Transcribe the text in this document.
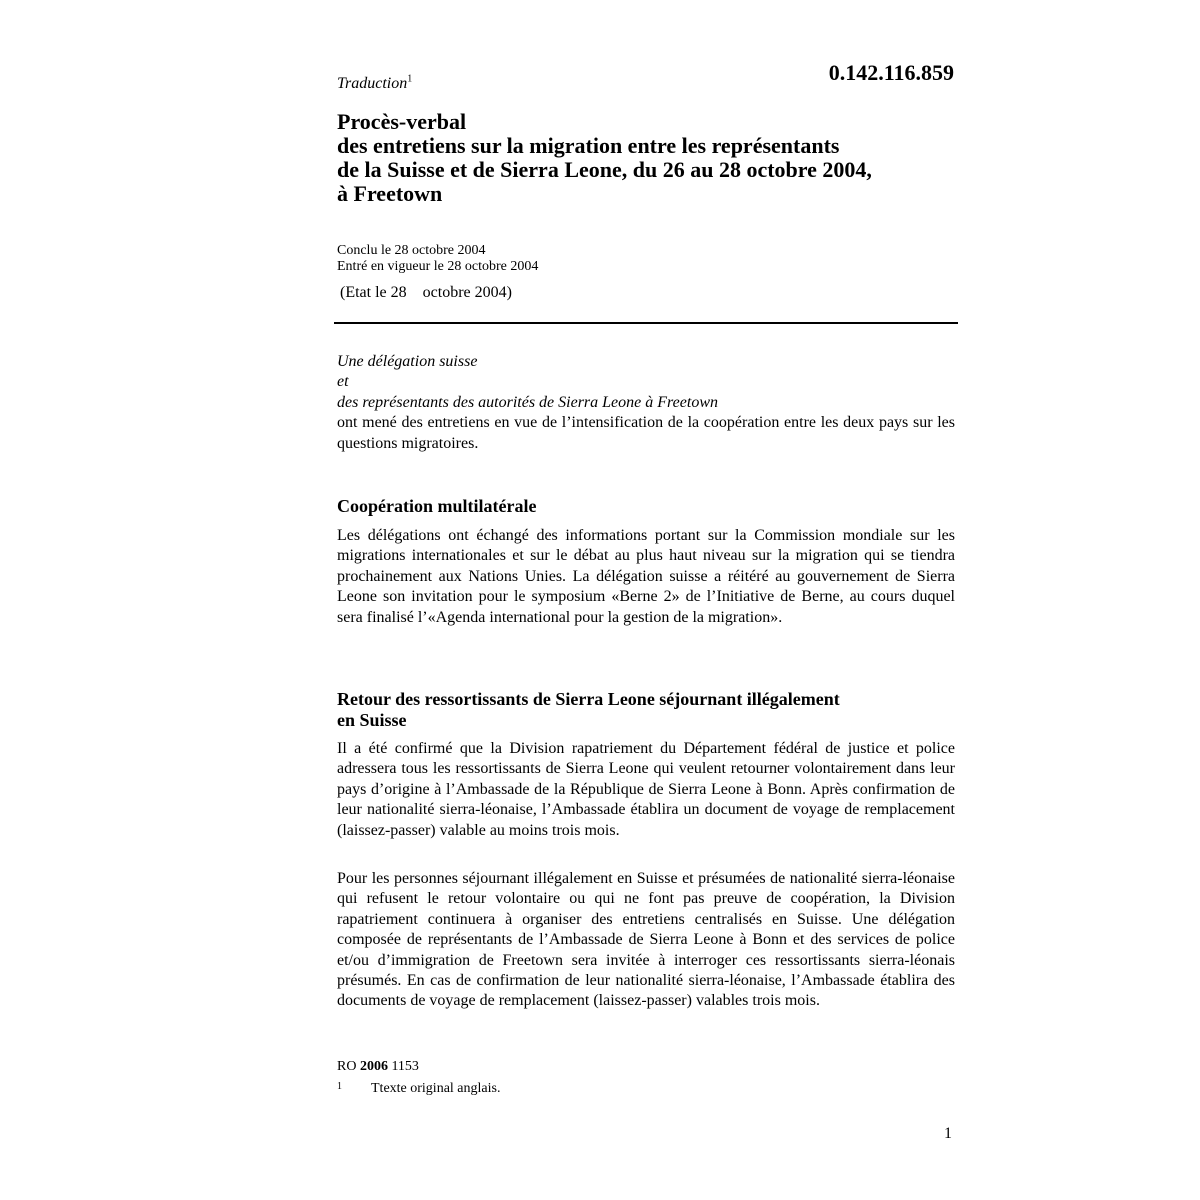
Traduction$^1$	0.142.116.859
Procès-verbal
des entretiens sur la migration entre les représentants
de la Suisse et de Sierra Leone, du 26 au 28 octobre 2004,
à Freetown
Conclu le 28 octobre 2004
Entré en vigueur le 28 octobre 2004
(Etat le 28    octobre 2004)
Une délégation suisse
et
des représentants des autorités de Sierra Leone à Freetown

ont mené des entretiens en vue de l’intensification de la coopération entre les deux pays sur les questions migratoires.

Coopération multilatérale

Les délégations ont échangé des informations portant sur la Commission mondiale sur les migrations internationales et sur le débat au plus haut niveau sur la migration qui se tiendra prochainement aux Nations Unies. La délégation suisse a réitéré au gouvernement de Sierra Leone son invitation pour le symposium «Berne 2» de l’Initiative de Berne, au cours duquel sera finalisé l’«Agenda international pour la gestion de la migration».

Retour des ressortissants de Sierra Leone séjournant illégalement
en Suisse

Il a été confirmé que la Division rapatriement du Département fédéral de justice et police adressera tous les ressortissants de Sierra Leone qui veulent retourner volontairement dans leur pays d’origine à l’Ambassade de la République de Sierra Leone à Bonn. Après confirmation de leur nationalité sierra-léonaise, l’Ambassade établira un document de voyage de remplacement (laissez-passer) valable au moins trois mois.

Pour les personnes séjournant illégalement en Suisse et présumées de nationalité sierra-léonaise qui refusent le retour volontaire ou qui ne font pas preuve de coopération, la Division rapatriement continuera à organiser des entretiens centralisés en Suisse. Une délégation composée de représentants de l’Ambassade de Sierra Leone à Bonn et des services de police et/ou d’immigration de Freetown sera invitée à interroger ces ressortissants sierra-léonais présumés. En cas de confirmation de leur nationalité sierra-léonaise, l’Ambassade établira des documents de voyage de remplacement (laissez-passer) valables trois mois.

RO 2006 1153
1 Ttexte original anglais.
1
